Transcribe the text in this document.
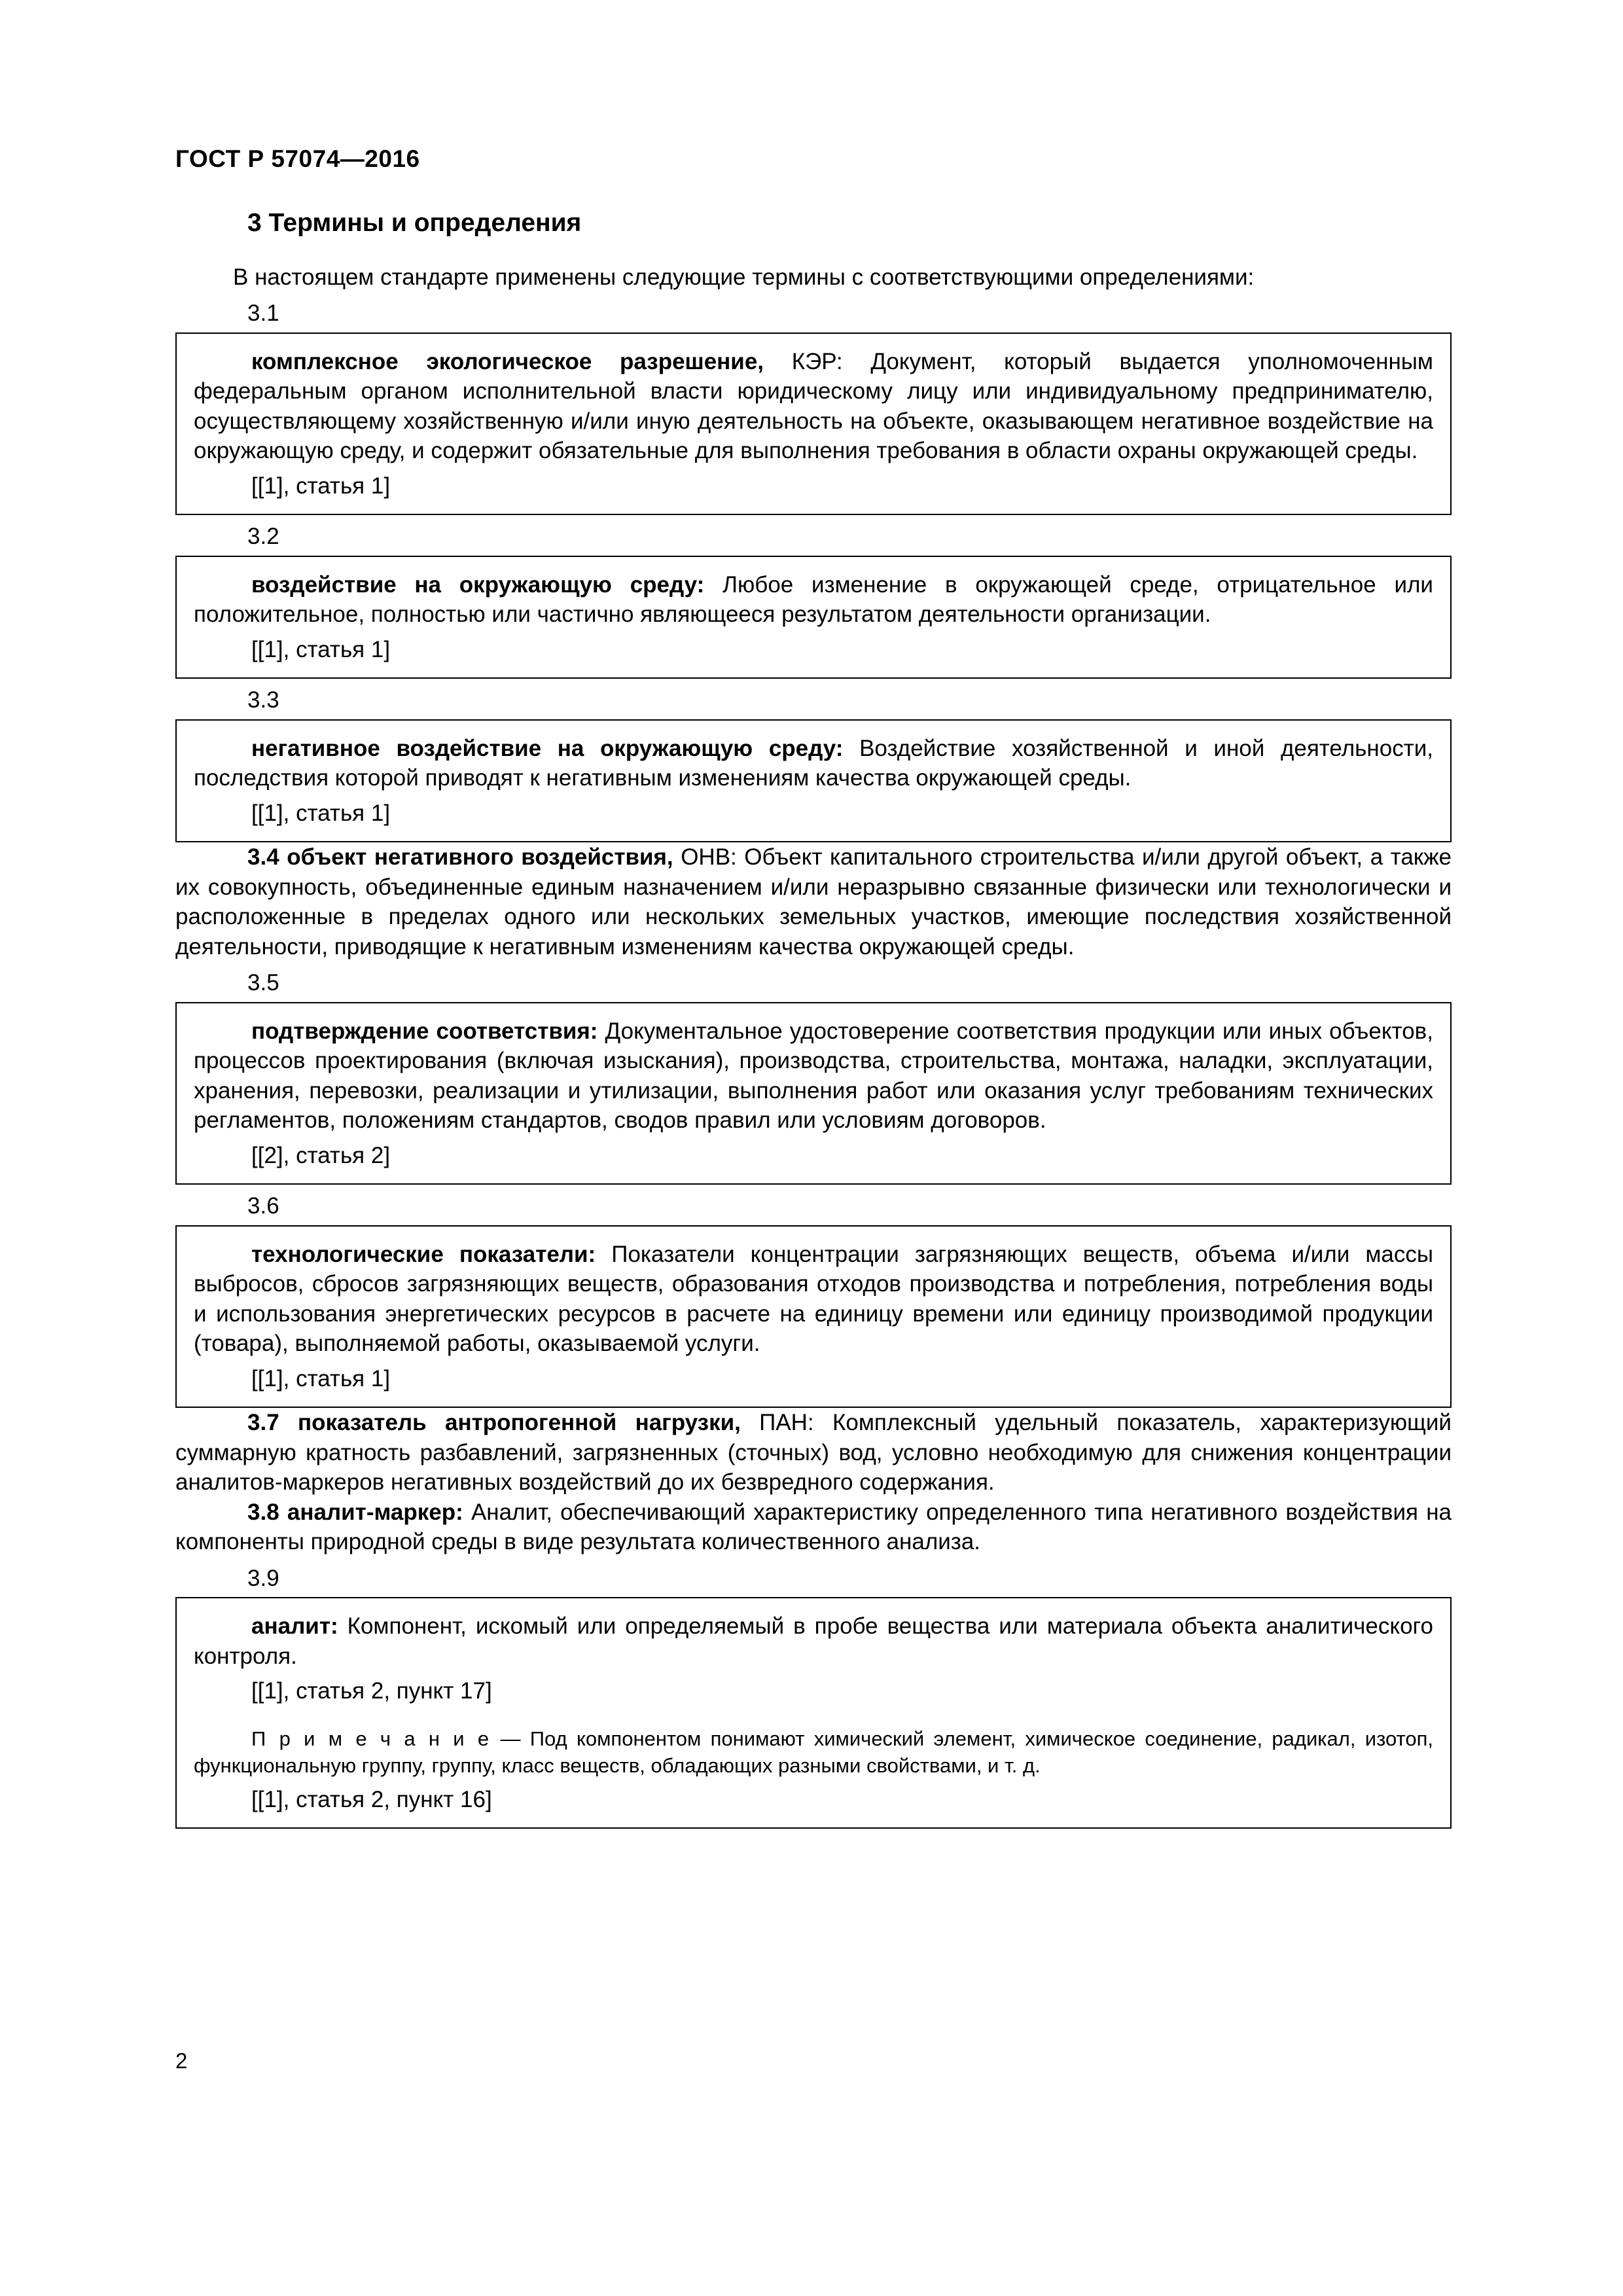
ГОСТ Р 57074—2016
3 Термины и определения

В настоящем стандарте применены следующие термины с соответствующими определениями:

3.1

комплексное экологическое разрешение, КЭР: Документ, который выдается уполномоченным федеральным органом исполнительной власти юридическому лицу или индивидуальному предпринимателю, осуществляющему хозяйственную и/или иную деятельность на объекте, оказывающем негативное воздействие на окружающую среду, и содержит обязательные для выполнения требования в области охраны окружающей среды.

[[1], статья 1]
3.2

воздействие на окружающую среду: Любое изменение в окружающей среде, отрицательное или положительное, полностью или частично являющееся результатом деятельности организации.

[[1], статья 1]
3.3

негативное воздействие на окружающую среду: Воздействие хозяйственной и иной деятельности, последствия которой приводят к негативным изменениям качества окружающей среды.

[[1], статья 1]

3.4 объект негативного воздействия, ОНВ: Объект капитального строительства и/или другой объект, а также их совокупность, объединенные единым назначением и/или неразрывно связанные физически или технологически и расположенные в пределах одного или нескольких земельных участков, имеющие последствия хозяйственной деятельности, приводящие к негативным изменениям качества окружающей среды.

3.5

подтверждение соответствия: Документальное удостоверение соответствия продукции или иных объектов, процессов проектирования (включая изыскания), производства, строительства, монтажа, наладки, эксплуатации, хранения, перевозки, реализации и утилизации, выполнения работ или оказания услуг требованиям технических регламентов, положениям стандартов, сводов правил или условиям договоров.

[[2], статья 2]
3.6

технологические показатели: Показатели концентрации загрязняющих веществ, объема и/или массы выбросов, сбросов загрязняющих веществ, образования отходов производства и потребления, потребления воды и использования энергетических ресурсов в расчете на единицу времени или единицу производимой продукции (товара), выполняемой работы, оказываемой услуги.

[[1], статья 1]

3.7 показатель антропогенной нагрузки, ПАН: Комплексный удельный показатель, характеризующий суммарную кратность разбавлений, загрязненных (сточных) вод, условно необходимую для снижения концентрации аналитов-маркеров негативных воздействий до их безвредного содержания.

3.8 аналит-маркер: Аналит, обеспечивающий характеристику определенного типа негативного воздействия на компоненты природной среды в виде результата количественного анализа.

3.9

аналит: Компонент, искомый или определяемый в пробе вещества или материала объекта аналитического контроля.

[[1], статья 2, пункт 17]

П р и м е ч а н и е — Под компонентом понимают химический элемент, химическое соединение, радикал, изотоп, функциональную группу, группу, класс веществ, обладающих разными свойствами, и т. д.

[[1], статья 2, пункт 16]
2
